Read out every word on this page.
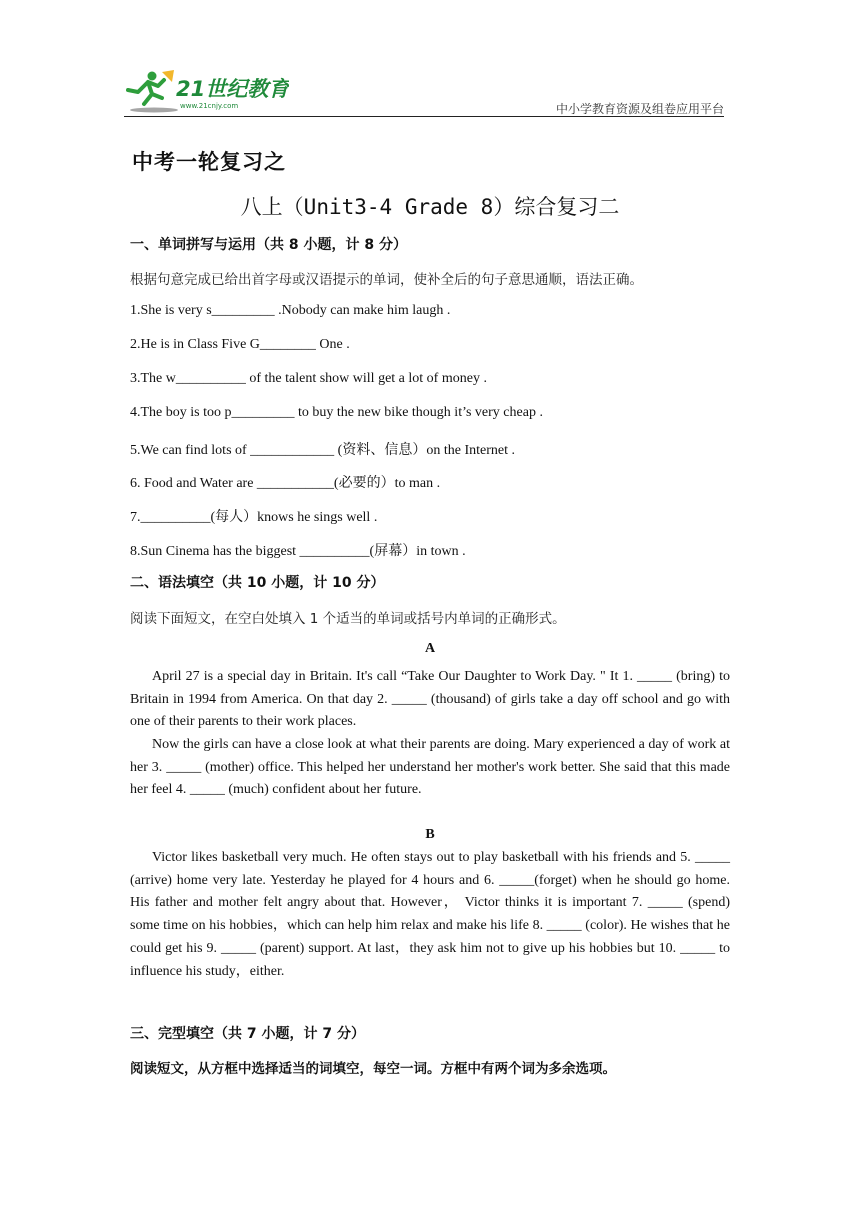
21世纪教育
www.21cnjy.com	中小学教育资源及组卷应用平台
中考一轮复习之
八上（Unit3-4 Grade 8）综合复习二
一、单词拼写与运用（共 8 小题，计 8 分）
根据句意完成已给出首字母或汉语提示的单词，使补全后的句子意思通顺，语法正确。
1.She is very s_________ .Nobody can make him laugh .
2.He is in Class Five G________ One .
3.The w__________ of the talent show will get a lot of money .
4.The boy is too p_________ to buy the new bike though it’s very cheap .
5.We can find lots of ____________ (资料、信息）on the Internet .
6. Food and Water are ___________(必要的）to man .
7.__________(每人）knows he sings well .
8.Sun Cinema has the biggest __________(屏幕）in town .
二、语法填空（共 10 小题，计 10 分）
阅读下面短文，在空白处填入 1 个适当的单词或括号内单词的正确形式。
A

April 27 is a special day in Britain. It's call “Take Our Daughter to Work Day. " It 1. _____ (bring) to Britain in 1994 from America. On that day 2. _____ (thousand) of girls take a day off school and go with one of their parents to their work places.

Now the girls can have a close look at what their parents are doing. Mary experienced a day of work at her 3. _____ (mother) office. This helped her understand her mother's work better. She said that this made her feel 4. _____ (much) confident about her future.

B

Victor likes basketball very much. He often stays out to play basketball with his friends and 5. _____ (arrive) home very late. Yesterday he played for 4 hours and 6. _____(forget) when he should go home. His father and mother felt angry about that. However， Victor thinks it is important 7. _____ (spend) some time on his hobbies，which can help him relax and make his life 8. _____ (color). He wishes that he could get his 9. _____ (parent) support. At last，they ask him not to give up his hobbies but 10. _____ to influence his study，either.

三、完型填空（共 7 小题，计 7 分）
阅读短文，从方框中选择适当的词填空，每空一词。方框中有两个词为多余选项。
